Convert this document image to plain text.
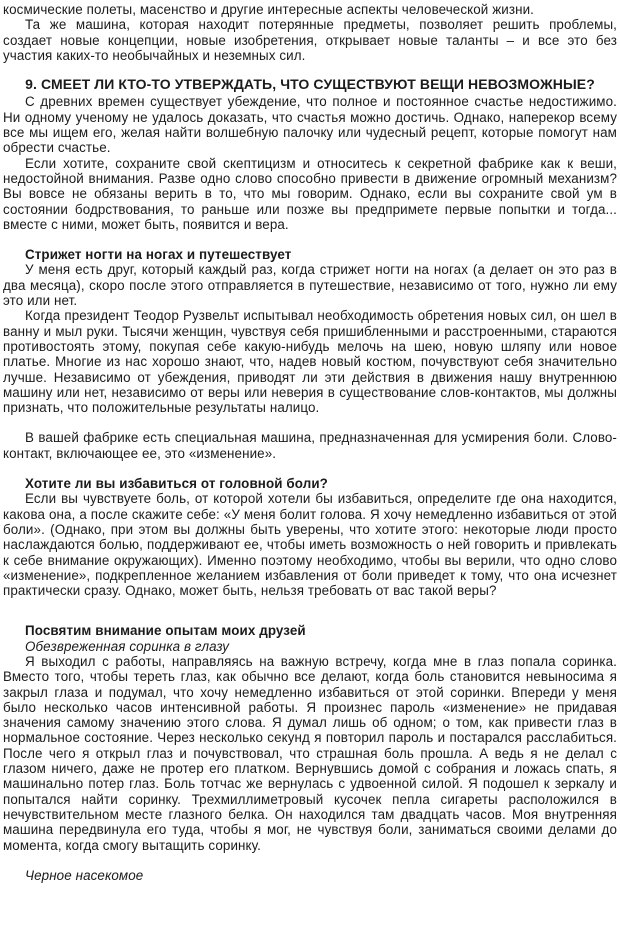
космические полеты, масенство и другие интересные аспекты человеческой жизни.

Та же машина, которая находит потерянные предметы, позволяет решить проблемы, создает новые концепции, новые изобретения, открывает новые таланты – и все это без участия каких-то необычайных и неземных сил.

9. СМЕЕТ ЛИ КТО-ТО УТВЕРЖДАТЬ, ЧТО СУЩЕСТВУЮТ ВЕЩИ НЕВОЗМОЖНЫЕ?

С древних времен существует убеждение, что полное и постоянное счастье недостижимо. Ни одному ученому не удалось доказать, что счастья можно достичь. Однако, наперекор всему все мы ищем его, желая найти волшебную палочку или чудесный рецепт, которые помогут нам обрести счастье.

Если хотите, сохраните свой скептицизм и относитесь к секретной фабрике как к веши, недостойной внимания. Разве одно слово способно привести в движение огромный механизм? Вы вовсе не обязаны верить в то, что мы говорим. Однако, если вы сохраните свой ум в состоянии бодрствования, то раньше или позже вы предпримете первые попытки и тогда... вместе с ними, может быть, появится и вера.

Стрижет ногти на ногах и путешествует

У меня есть друг, который каждый раз, когда стрижет ногти на ногах (а делает он это раз в два месяца), скоро после этого отправляется в путешествие, независимо от того, нужно ли ему это или нет.

Когда президент Теодор Рузвельт испытывал необходимость обретения новых сил, он шел в ванну и мыл руки. Тысячи женщин, чувствуя себя пришибленными и расстроенными, стараются противостоять этому, покупая себе какую-нибудь мелочь на шею, новую шляпу или новое платье. Многие из нас хорошо знают, что, надев новый костюм, почувствуют себя значительно лучше. Независимо от убеждения, приводят ли эти действия в движения нашу внутреннюю машину или нет, независимо от веры или неверия в существование слов-контактов, мы должны признать, что положительные результаты налицо.

В вашей фабрике есть специальная машина, предназначенная для усмирения боли. Слово-контакт, включающее ее, это «изменение».

Хотите ли вы избавиться от головной боли?

Если вы чувствуете боль, от которой хотели бы избавиться, определите где она находится, какова она, а после скажите себе: «У меня болит голова. Я хочу немедленно избавиться от этой боли». (Однако, при этом вы должны быть уверены, что хотите этого: некоторые люди просто наслаждаются болью, поддерживают ее, чтобы иметь возможность о ней говорить и привлекать к себе внимание окружающих). Именно поэтому необходимо, чтобы вы верили, что одно слово «изменение», подкрепленное желанием избавления от боли приведет к тому, что она исчезнет практически сразу. Однако, может быть, нельзя требовать от вас такой веры?

Посвятим внимание опытам моих друзей

Обезвреженная соринка в глазу

Я выходил с работы, направляясь на важную встречу, когда мне в глаз попала соринка. Вместо того, чтобы тереть глаз, как обычно все делают, когда боль становится невыносима я закрыл глаза и подумал, что хочу немедленно избавиться от этой соринки. Впереди у меня было несколько часов интенсивной работы. Я произнес пароль «изменение» не придавая значения самому значению этого слова. Я думал лишь об одном; о том, как привести глаз в нормальное состояние. Через несколько секунд я повторил пароль и постарался расслабиться. После чего я открыл глаз и почувствовал, что страшная боль прошла. А ведь я не делал с глазом ничего, даже не протер его платком. Вернувшись домой с собрания и ложась спать, я машинально потер глаз. Боль тотчас же вернулась с удвоенной силой. Я подошел к зеркалу и попытался найти соринку. Трехмиллиметровый кусочек пепла сигареты расположился в нечувствительном месте глазного белка. Он находился там двадцать часов. Моя внутренняя машина передвинула его туда, чтобы я мог, не чувствуя боли, заниматься своими делами до момента, когда смогу вытащить соринку.

Черное насекомое
